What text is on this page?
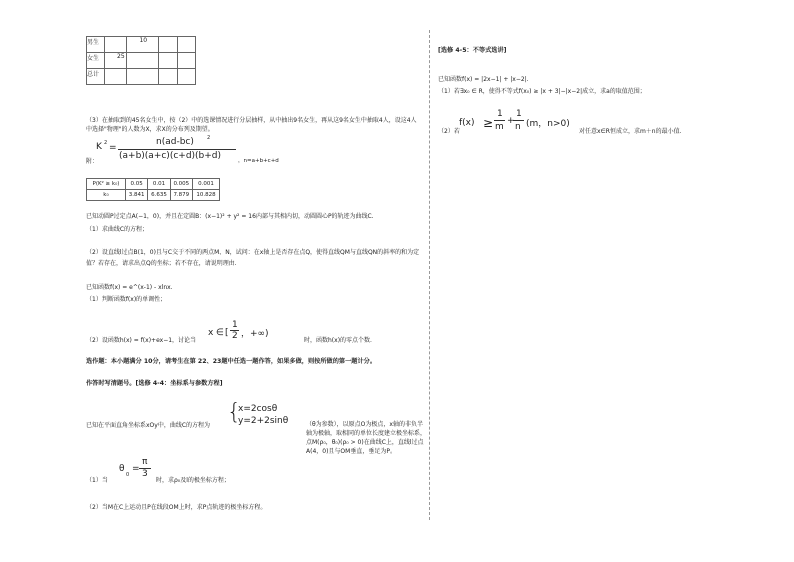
男生		10		
女生	25			
总计				
（3）在抽取到的45名女生中，按（2）中的选课情况进行分层抽样，从中抽出9名女生，再从这9名女生中抽取4人，设这4人中选择"物理"的人数为X，求X的分布列及期望。
附：
K 2 =
n(ad-bc)	2
(a+b)(a+c)(c+d)(b+d)	，n=a+b+c+d
P(K² ≥ k₀)	0.05	0.01	0.005	0.001
k₀	3.841	6.635	7.879	10.828
已知动圆P过定点A(−1，0)，并且在定圆B：(x−1)² + y² = 16内部与其相内切，动圆圆心P的轨迹为曲线C.
（1）求曲线C的方程；
（2）设直线l过点B(1，0)且与C交于不同的两点M、N，试问：在x轴上是否存在点Q，使得直线QM与直线QN的斜率的和为定值？若存在，请求出点Q的坐标；若不存在，请说明理由.
已知函数f(x) = e^(x-1) - xlnx.
（1）判断函数f(x)的单调性；
（2）设函数h(x) = f(x)+ex−1，讨论当
x ∈ [
1
2 ，+∞)
时，函数h(x)的零点个数.
选作题：本小题满分 10分，请考生在第 22、23题中任选一题作答，如果多做，则按所做的第一题计分。
作答时写清题号。[选修 4-4：坐标系与参数方程]
已知在平面直角坐标系xOy中，曲线C的方程为
{
x=2cosθ
y=2+2sinθ	（θ为参数），以原点O为极点，x轴的非负半轴为极轴，取相同的单位长度建立极坐标系，点M(ρ₀，θ₀)(ρ₀ > 0)在曲线C上，直线l过点A(4，0)且与OM垂直，垂足为P。
（1）当
θ
0
=
π
3
时，求ρ₀及l的极坐标方程；
（2）当M在C上运动且P在线段OM上时，求P点轨迹的极坐标方程。
[选修 4-5：不等式选讲]
已知函数f(x) = |2x−1| + |x−2|.
（1）若∃x₀ ∈ R，使得不等式f(x₀) ≥ |x + 3|−|x−2|成立，求a的取值范围；
（2）若
f(x) ≥
1
m
+
1
n (m，n>0)
对任意x∈R恒成立，求m＋n的最小值.
